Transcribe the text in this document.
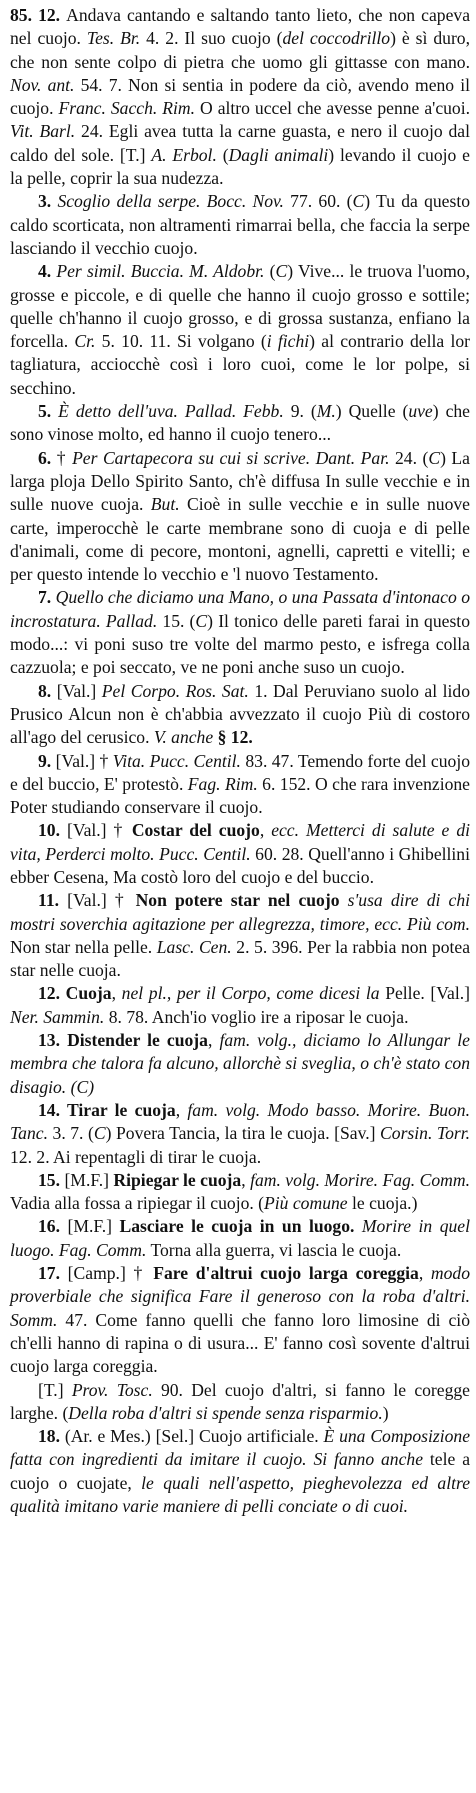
85. 12. Andava cantando e saltando tanto lieto, che non capeva nel cuojo. Tes. Br. 4. 2. Il suo cuojo (del coccodrillo) è sì duro, che non sente colpo di pietra che uomo gli gittasse con mano. Nov. ant. 54. 7. Non si sentia in podere da ciò, avendo meno il cuojo. Franc. Sacch. Rim. O altro uccel che avesse penne a'cuoi. Vit. Barl. 24. Egli avea tutta la carne guasta, e nero il cuojo dal caldo del sole. [T.] A. Erbol. (Dagli animali) levando il cuojo e la pelle, coprir la sua nudezza.

3. Scoglio della serpe. Bocc. Nov. 77. 60. (C) Tu da questo caldo scorticata, non altramenti rimarrai bella, che faccia la serpe lasciando il vecchio cuojo.

4. Per simil. Buccia. M. Aldobr. (C) Vive... le truova l'uomo, grosse e piccole, e di quelle che hanno il cuojo grosso e sottile; quelle ch'hanno il cuojo grosso, e di grossa sustanza, enfiano la forcella. Cr. 5. 10. 11. Si volgano (i fichi) al contrario della lor tagliatura, acciocchè così i loro cuoi, come le lor polpe, si secchino.

5. È detto dell'uva. Pallad. Febb. 9. (M.) Quelle (uve) che sono vinose molto, ed hanno il cuojo tenero...

6. † Per Cartapecora su cui si scrive. Dant. Par. 24. (C) La larga ploja Dello Spirito Santo, ch'è diffusa In sulle vecchie e in sulle nuove cuoja. But. Cioè in sulle vecchie e in sulle nuove carte, imperocchè le carte membrane sono di cuoja e di pelle d'animali, come di pecore, montoni, agnelli, capretti e vitelli; e per questo intende lo vecchio e 'l nuovo Testamento.

7. Quello che diciamo una Mano, o una Passata d'intonaco o incrostatura. Pallad. 15. (C) Il tonico delle pareti farai in questo modo...: vi poni suso tre volte del marmo pesto, e isfrega colla cazzuola; e poi seccato, ve ne poni anche suso un cuojo.

8. [Val.] Pel Corpo. Ros. Sat. 1. Dal Peruviano suolo al lido Prusico Alcun non è ch'abbia avvezzato il cuojo Più di costoro all'ago del cerusico. V. anche § 12.

9. [Val.] † Vita. Pucc. Centil. 83. 47. Temendo forte del cuojo e del buccio, E' protestò. Fag. Rim. 6. 152. O che rara invenzione Poter studiando conservare il cuojo.

10. [Val.] † Costar del cuojo, ecc. Metterci di salute e di vita, Perderci molto. Pucc. Centil. 60. 28. Quell'anno i Ghibellini ebber Cesena, Ma costò loro del cuojo e del buccio.

11. [Val.] † Non potere star nel cuojo s'usa dire di chi mostri soverchia agitazione per allegrezza, timore, ecc. Più com. Non star nella pelle. Lasc. Cen. 2. 5. 396. Per la rabbia non potea star nelle cuoja.

12. Cuoja, nel pl., per il Corpo, come dicesi la Pelle. [Val.] Ner. Sammin. 8. 78. Anch'io voglio ire a riposar le cuoja.

13. Distender le cuoja, fam. volg., diciamo lo Allungar le membra che talora fa alcuno, allorchè si sveglia, o ch'è stato con disagio. (C)

14. Tirar le cuoja, fam. volg. Modo basso. Morire. Buon. Tanc. 3. 7. (C) Povera Tancia, la tira le cuoja. [Sav.] Corsin. Torr. 12. 2. Ai repentagli di tirar le cuoja.

15. [M.F.] Ripiegar le cuoja, fam. volg. Morire. Fag. Comm. Vadia alla fossa a ripiegar il cuojo. (Più comune le cuoja.)

16. [M.F.] Lasciare le cuoja in un luogo. Morire in quel luogo. Fag. Comm. Torna alla guerra, vi lascia le cuoja.

17. [Camp.] † Fare d'altrui cuojo larga coreggia, modo proverbiale che significa Fare il generoso con la roba d'altri. Somm. 47. Come fanno quelli che fanno loro limosine di ciò ch'elli hanno di rapina o di usura... E' fanno così sovente d'altrui cuojo larga coreggia.

[T.] Prov. Tosc. 90. Del cuojo d'altri, si fanno le coregge larghe. (Della roba d'altri si spende senza risparmio.)

18. (Ar. e Mes.) [Sel.] Cuojo artificiale. È una Composizione fatta con ingredienti da imitare il cuojo. Si fanno anche tele a cuojo o cuojate, le quali nell'aspetto, pieghevolezza ed altre qualità imitano varie maniere di pelli conciate o di cuoi.
